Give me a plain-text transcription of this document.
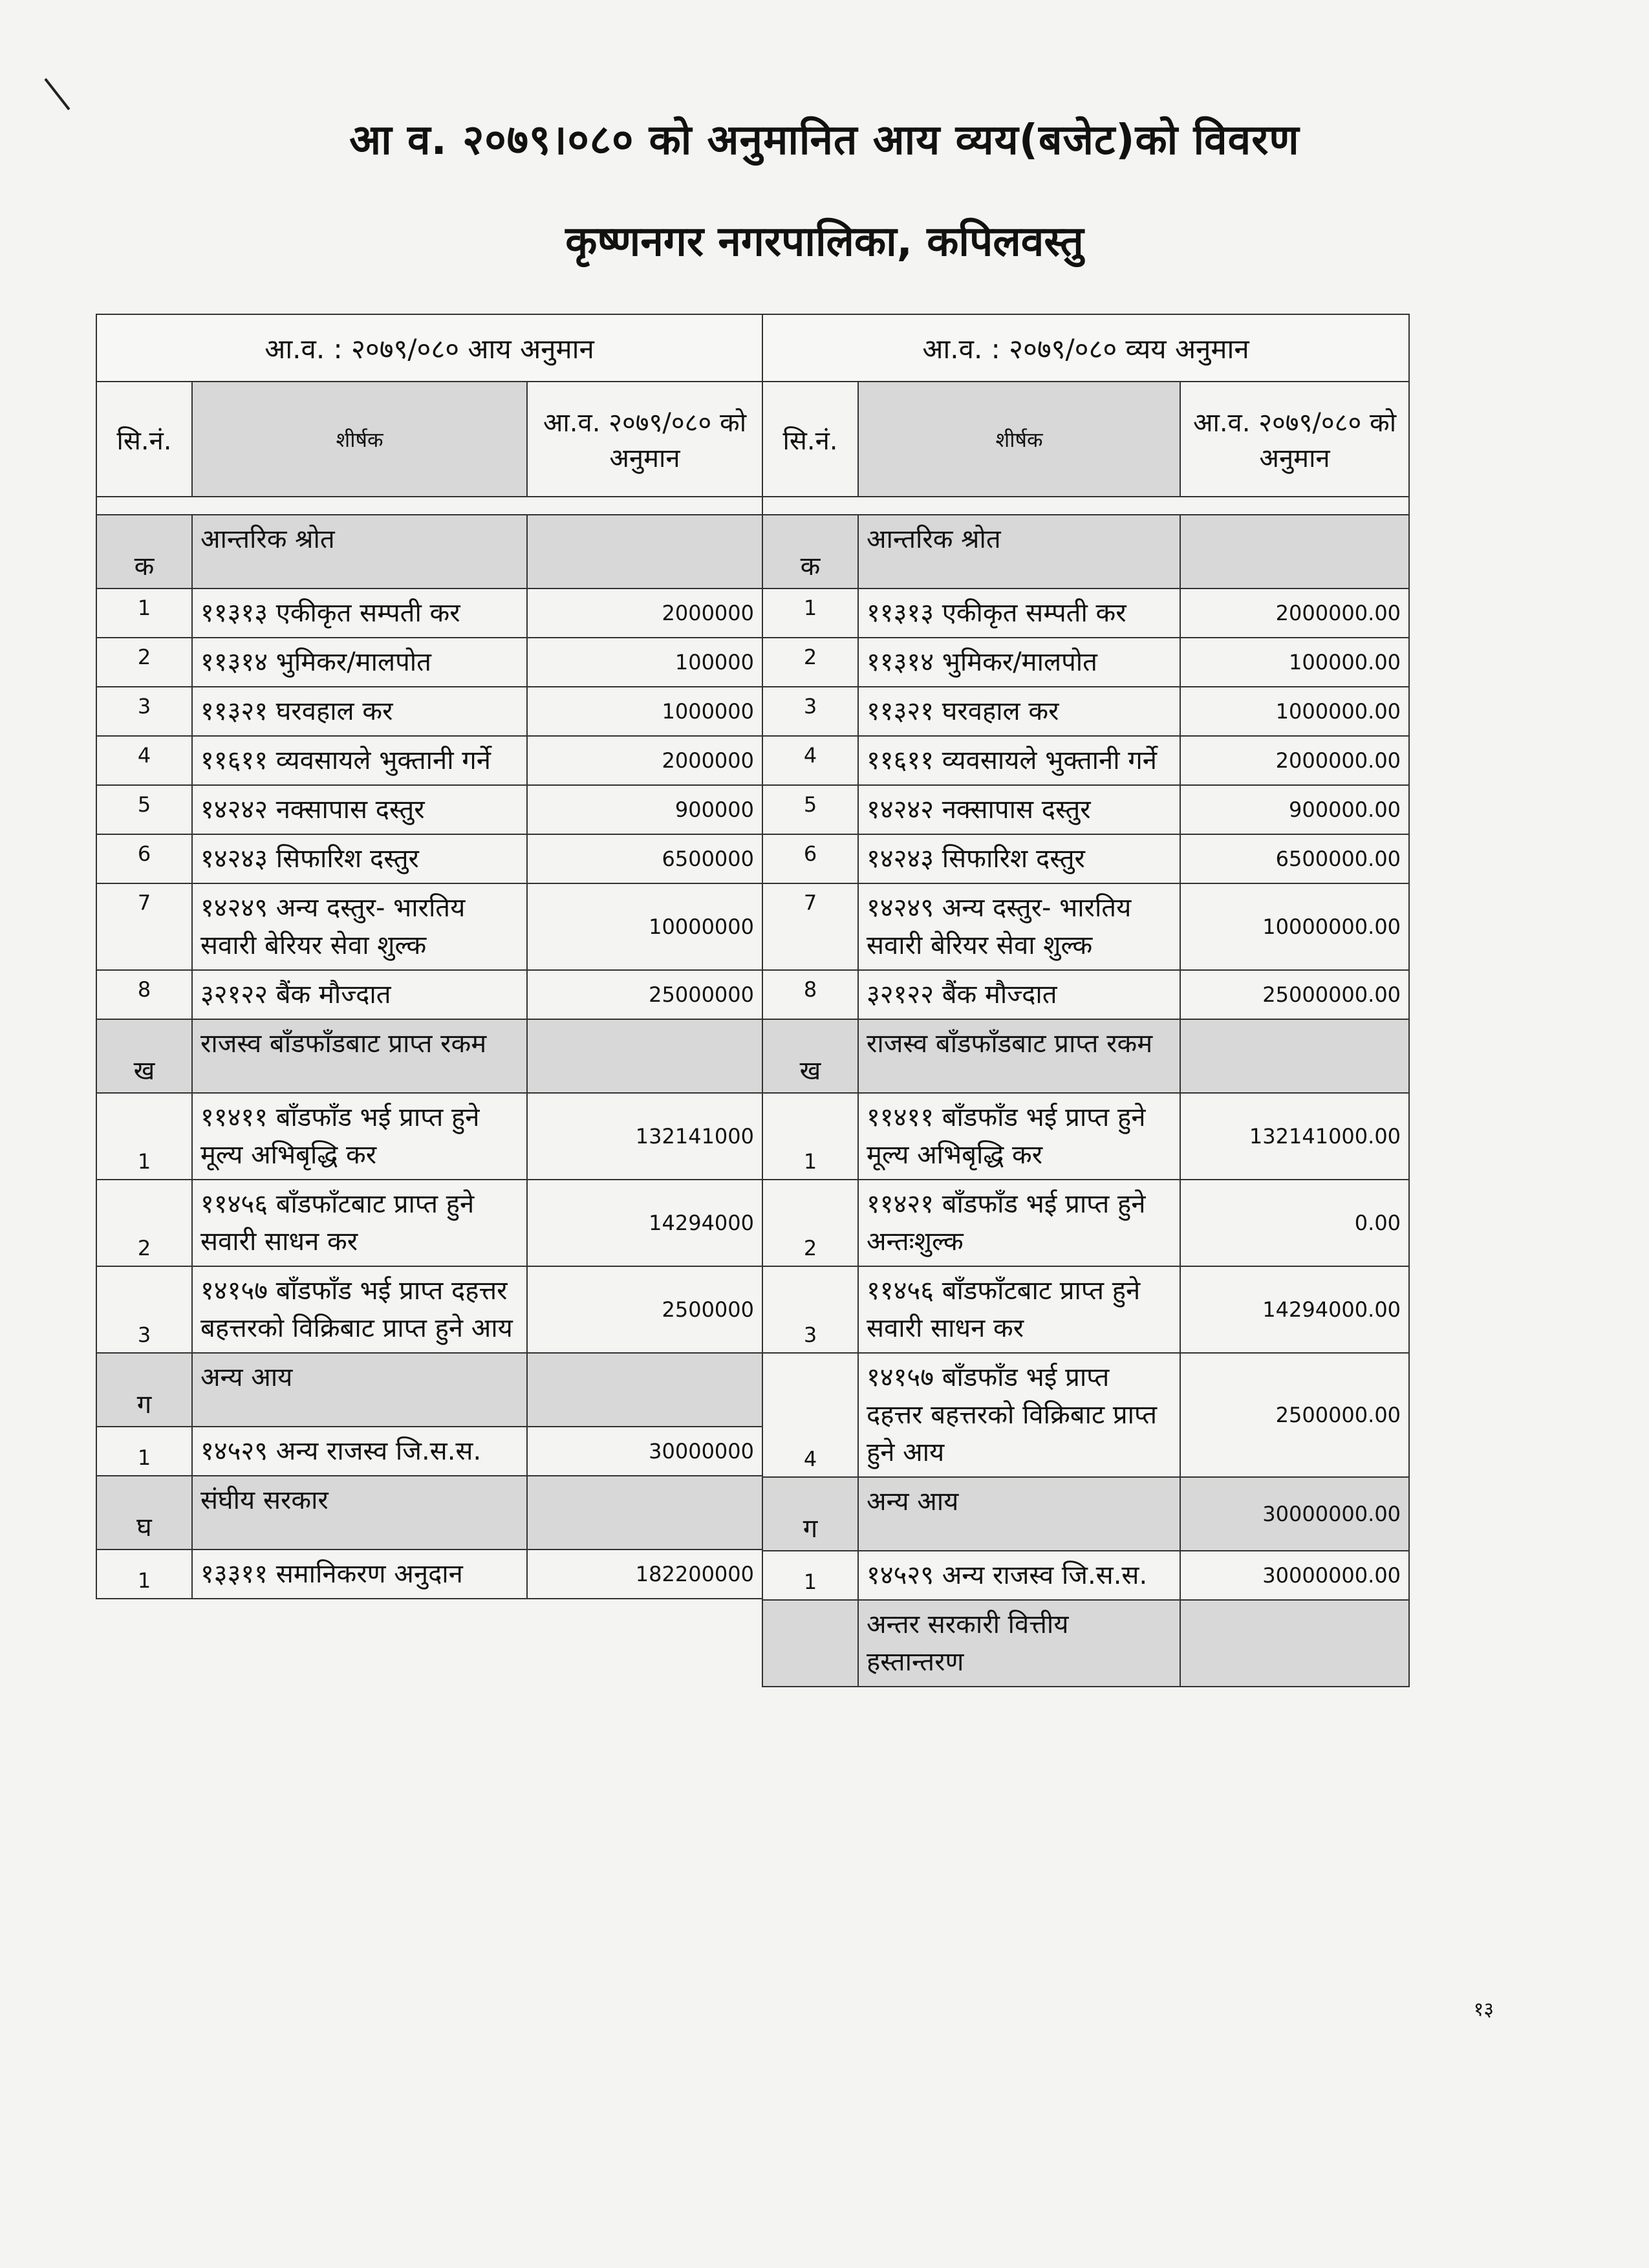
आ व. २०७९।०८० को अनुमानित आय व्यय(बजेट)को विवरण
कृष्णनगर नगरपालिका, कपिलवस्तु
आ.व. : २०७९/०८० आय अनुमान		
सि.नं.	शीर्षक	आ.व. २०७९/०८० को अनुमान

क	आन्तरिक श्रोत	
1	११३१३ एकीकृत सम्पती कर	2000000
2	११३१४ भुमिकर/मालपोत	100000
3	११३२१ घरवहाल कर	1000000
4	११६११ व्यवसायले भुक्तानी गर्ने	2000000
5	१४२४२ नक्सापास दस्तुर	900000
6	१४२४३ सिफारिश दस्तुर	6500000
7	१४२४९ अन्य दस्तुर- भारतिय सवारी बेरियर सेवा शुल्क	10000000
8	३२१२२ बैंक मौज्दात	25000000
ख	राजस्व बाँडफाँडबाट प्राप्त रकम	
1	११४११ बाँडफाँड भई प्राप्त हुने मूल्य अभिबृद्धि कर	132141000
2	११४५६ बाँडफाँटबाट प्राप्त हुने सवारी साधन कर	14294000
3	१४१५७ बाँडफाँड भई प्राप्त दहत्तर बहत्तरको विक्रिबाट प्राप्त हुने आय	2500000
ग	अन्य आय	
1	१४५२९ अन्य राजस्व जि.स.स.	30000000
घ	संघीय सरकार	
1	१३३११ समानिकरण अनुदान	182200000
आ.व. : २०७९/०८० व्यय अनुमान		
सि.नं.	शीर्षक	आ.व. २०७९/०८० को अनुमान

क	आन्तरिक श्रोत	
1	११३१३ एकीकृत सम्पती कर	2000000.00
2	११३१४ भुमिकर/मालपोत	100000.00
3	११३२१ घरवहाल कर	1000000.00
4	११६११ व्यवसायले भुक्तानी गर्ने	2000000.00
5	१४२४२ नक्सापास दस्तुर	900000.00
6	१४२४३ सिफारिश दस्तुर	6500000.00
7	१४२४९ अन्य दस्तुर- भारतिय सवारी बेरियर सेवा शुल्क	10000000.00
8	३२१२२ बैंक मौज्दात	25000000.00
ख	राजस्व बाँडफाँडबाट प्राप्त रकम	
1	११४११ बाँडफाँड भई प्राप्त हुने मूल्य अभिबृद्धि कर	132141000.00
2	११४२१ बाँडफाँड भई प्राप्त हुने अन्तःशुल्क	0.00
3	११४५६ बाँडफाँटबाट प्राप्त हुने सवारी साधन कर	14294000.00
4	१४१५७ बाँडफाँड भई प्राप्त दहत्तर बहत्तरको विक्रिबाट प्राप्त हुने आय	2500000.00
ग	अन्य आय	30000000.00
1	१४५२९ अन्य राजस्व जि.स.स.	30000000.00
	अन्तर सरकारी वित्तीय हस्तान्तरण	
१३
